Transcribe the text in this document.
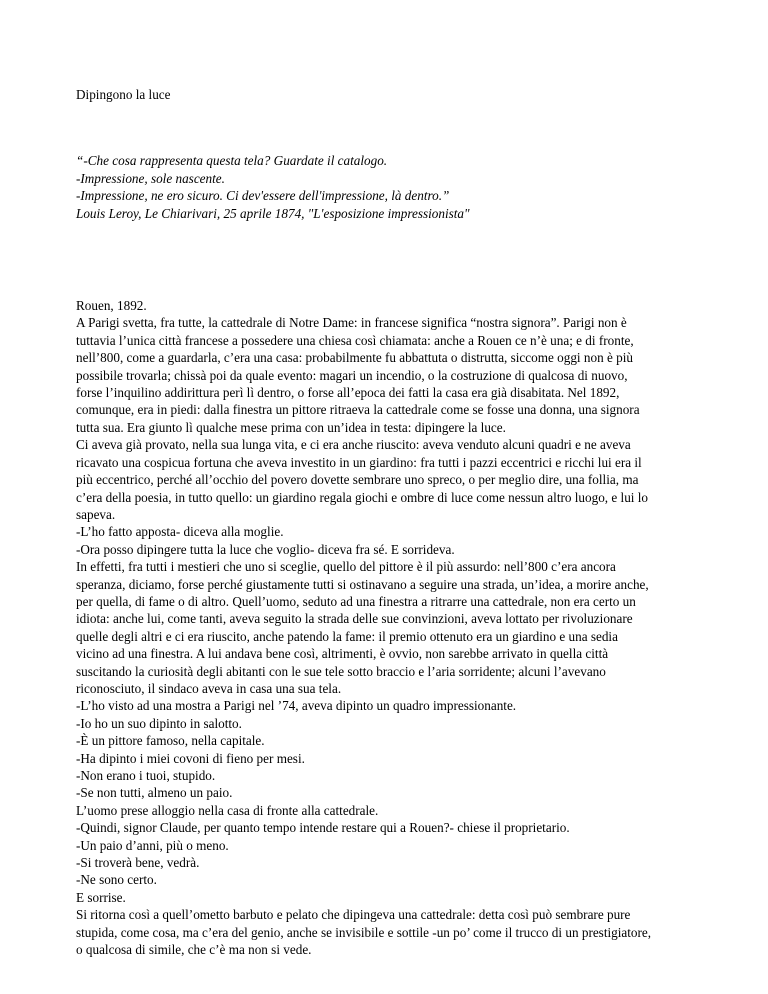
Dipingono la luce
“-Che cosa rappresenta questa tela? Guardate il catalogo.
-Impressione, sole nascente.
-Impressione, ne ero sicuro. Ci dev'essere dell'impressione, là dentro.”
Louis Leroy, Le Chiarivari, 25 aprile 1874, "L'esposizione impressionista"
Rouen, 1892.
A Parigi svetta, fra tutte, la cattedrale di Notre Dame: in francese significa “nostra signora”. Parigi non è
tuttavia l’unica città francese a possedere una chiesa così chiamata: anche a Rouen ce n’è una; e di fronte,
nell’800, come a guardarla, c’era una casa: probabilmente fu abbattuta o distrutta, siccome oggi non è più
possibile trovarla; chissà poi da quale evento: magari un incendio, o la costruzione di qualcosa di nuovo,
forse l’inquilino addirittura perì lì dentro, o forse all’epoca dei fatti la casa era già disabitata. Nel 1892,
comunque, era in piedi: dalla finestra un pittore ritraeva la cattedrale come se fosse una donna, una signora
tutta sua. Era giunto lì qualche mese prima con un’idea in testa: dipingere la luce.
Ci aveva già provato, nella sua lunga vita, e ci era anche riuscito: aveva venduto alcuni quadri e ne aveva
ricavato una cospicua fortuna che aveva investito in un giardino: fra tutti i pazzi eccentrici e ricchi lui era il
più eccentrico, perché all’occhio del povero dovette sembrare uno spreco, o per meglio dire, una follia, ma
c’era della poesia, in tutto quello: un giardino regala giochi e ombre di luce come nessun altro luogo, e lui lo
sapeva.
-L’ho fatto apposta- diceva alla moglie.
-Ora posso dipingere tutta la luce che voglio- diceva fra sé. E sorrideva.
In effetti, fra tutti i mestieri che uno si sceglie, quello del pittore è il più assurdo: nell’800 c’era ancora
speranza, diciamo, forse perché giustamente tutti si ostinavano a seguire una strada, un’idea, a morire anche,
per quella, di fame o di altro. Quell’uomo, seduto ad una finestra a ritrarre una cattedrale, non era certo un
idiota: anche lui, come tanti, aveva seguito la strada delle sue convinzioni, aveva lottato per rivoluzionare
quelle degli altri e ci era riuscito, anche patendo la fame: il premio ottenuto era un giardino e una sedia
vicino ad una finestra. A lui andava bene così, altrimenti, è ovvio, non sarebbe arrivato in quella città
suscitando la curiosità degli abitanti con le sue tele sotto braccio e l’aria sorridente; alcuni l’avevano
riconosciuto, il sindaco aveva in casa una sua tela.
-L’ho visto ad una mostra a Parigi nel ’74, aveva dipinto un quadro impressionante.
-Io ho un suo dipinto in salotto.
-È un pittore famoso, nella capitale.
-Ha dipinto i miei covoni di fieno per mesi.
-Non erano i tuoi, stupido.
-Se non tutti, almeno un paio.
L’uomo prese alloggio nella casa di fronte alla cattedrale.
-Quindi, signor Claude, per quanto tempo intende restare qui a Rouen?- chiese il proprietario.
-Un paio d’anni, più o meno.
-Si troverà bene, vedrà.
-Ne sono certo.
E sorrise.
Si ritorna così a quell’ometto barbuto e pelato che dipingeva una cattedrale: detta così può sembrare pure
stupida, come cosa, ma c’era del genio, anche se invisibile e sottile -un po’ come il trucco di un prestigiatore,
o qualcosa di simile, che c’è ma non si vede.
